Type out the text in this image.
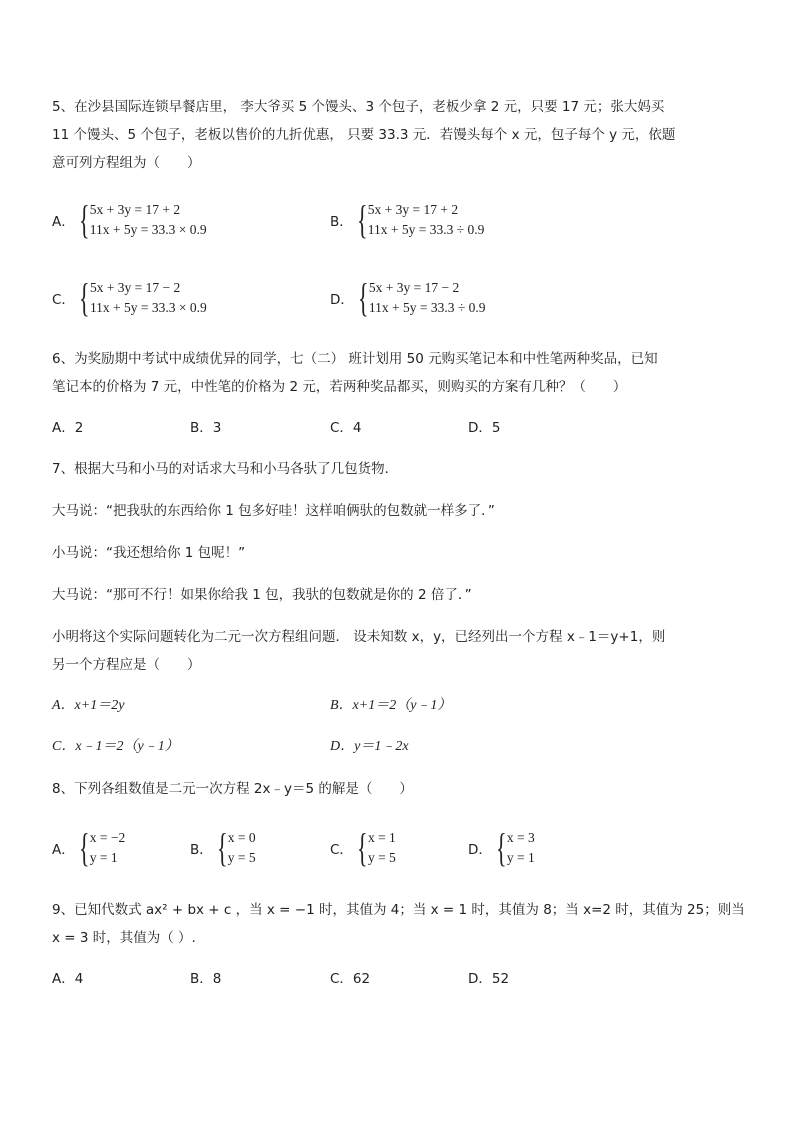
5、在沙县国际连锁早餐店里， 李大爷买 5 个馒头、3 个包子，老板少拿 2 元，只要 17 元；张大妈买
11 个馒头、5 个包子，老板以售价的九折优惠， 只要 33.3 元．若馒头每个 x 元，包子每个 y 元，依题
意可列方程组为（　　）
A． { 5x + 3y = 17 + 2
11x + 5y = 33.3 × 0.9	B． { 5x + 3y = 17 + 2
11x + 5y = 33.3 ÷ 0.9
C． { 5x + 3y = 17 − 2
11x + 5y = 33.3 × 0.9	D． { 5x + 3y = 17 − 2
11x + 5y = 33.3 ÷ 0.9
6、为奖励期中考试中成绩优异的同学，七（二） 班计划用 50 元购买笔记本和中性笔两种奖品，已知
笔记本的价格为 7 元，中性笔的价格为 2 元，若两种奖品都买，则购买的方案有几种？（　　）
A．2	B．3	C．4	D．5
7、根据大马和小马的对话求大马和小马各驮了几包货物．
大马说：“把我驮的东西给你 1 包多好哇！这样咱俩驮的包数就一样多了．”
小马说：“我还想给你 1 包呢！”
大马说：“那可不行！如果你给我 1 包，我驮的包数就是你的 2 倍了．”
小明将这个实际问题转化为二元一次方程组问题． 设未知数 x，y，已经列出一个方程 x﹣1＝y+1，则
另一个方程应是（　　）
A．x+1＝2y	B．x+1＝2（y﹣1）
C．x﹣1＝2（y﹣1）	D．y＝1﹣2x
8、下列各组数值是二元一次方程 2x﹣y＝5 的解是（　　）
A． { x = −2
y = 1	B． { x = 0
y = 5	C． { x = 1
y = 5	D． { x = 3
y = 1
9、已知代数式 ax² + bx + c ，当 x = −1 时，其值为 4；当 x = 1 时，其值为 8；当 x=2 时，其值为 25；则当
x = 3 时，其值为（ ）.
A．4	B．8	C．62	D．52
